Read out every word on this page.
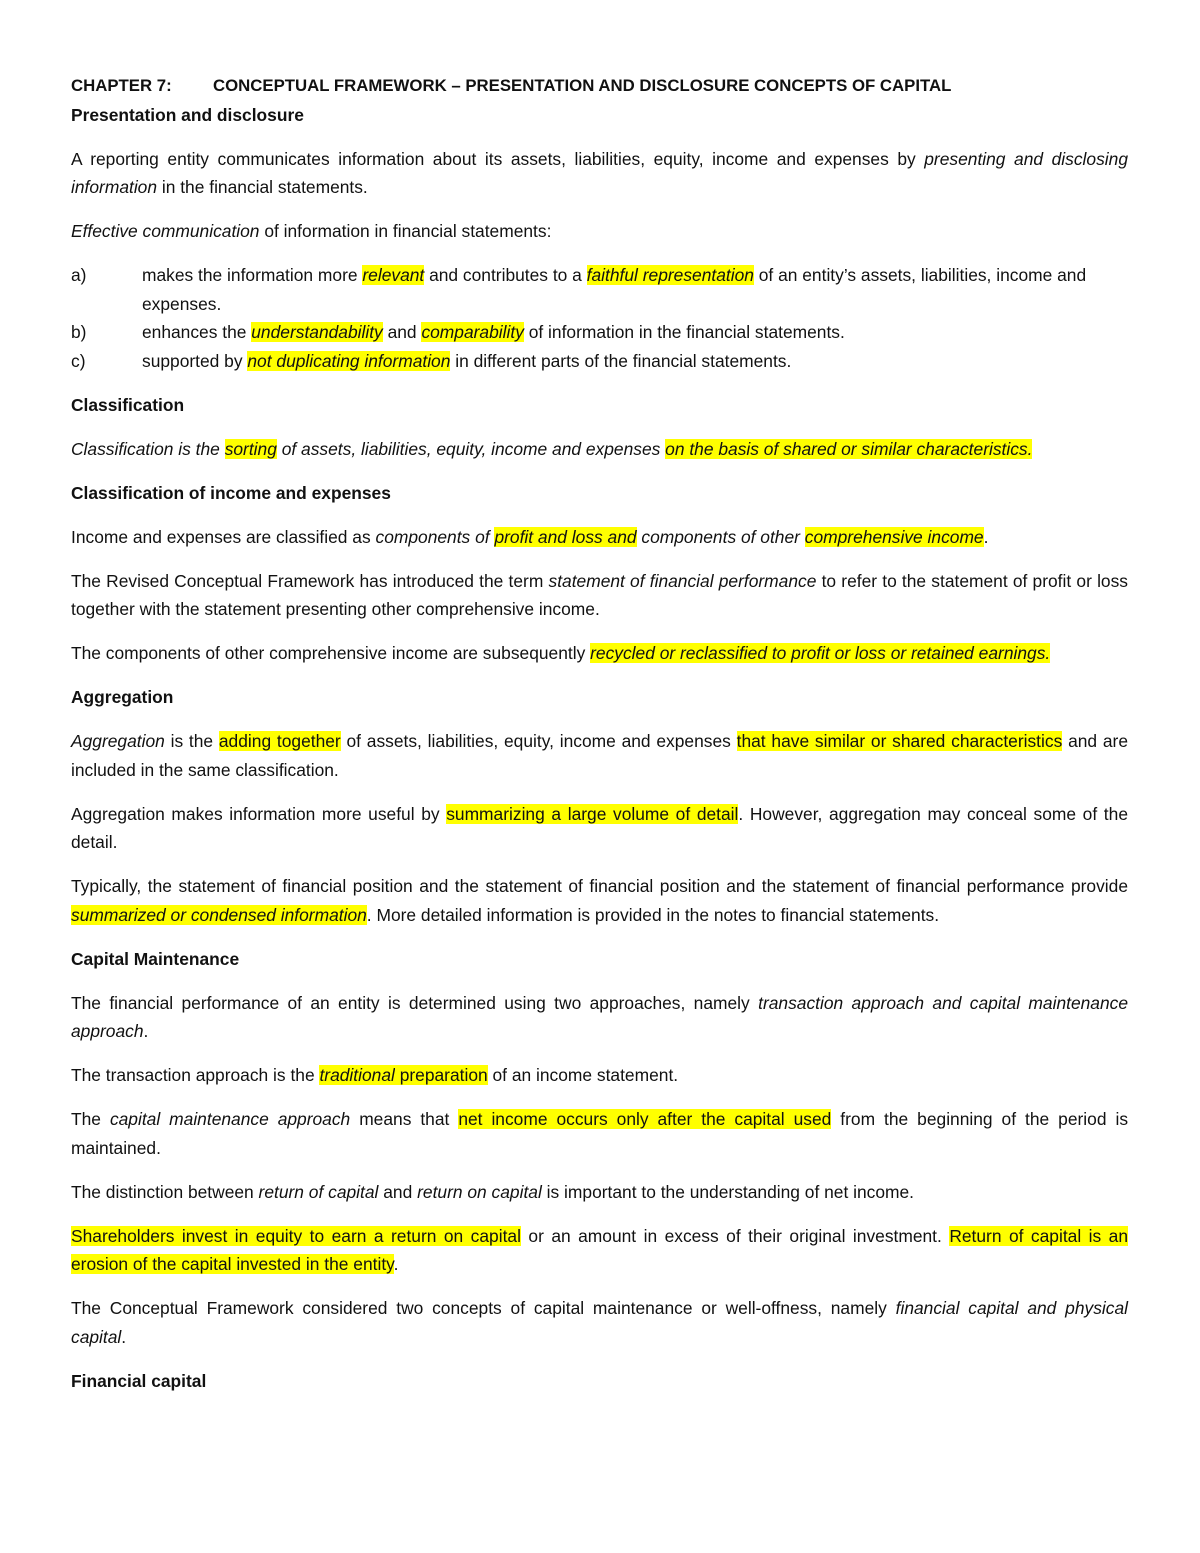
CHAPTER 7: CONCEPTUAL FRAMEWORK – PRESENTATION AND DISCLOSURE CONCEPTS OF CAPITAL

Presentation and disclosure

A reporting entity communicates information about its assets, liabilities, equity, income and expenses by presenting and disclosing information in the financial statements.

Effective communication of information in financial statements:

a)	makes the information more relevant and contributes to a faithful representation of an entity’s assets, liabilities, income and expenses.
b)	enhances the understandability and comparability of information in the financial statements.
c)	supported by not duplicating information in different parts of the financial statements.

Classification

Classification is the sorting of assets, liabilities, equity, income and expenses on the basis of shared or similar characteristics.

Classification of income and expenses

Income and expenses are classified as components of profit and loss and components of other comprehensive income.

The Revised Conceptual Framework has introduced the term statement of financial performance to refer to the statement of profit or loss together with the statement presenting other comprehensive income.

The components of other comprehensive income are subsequently recycled or reclassified to profit or loss or retained earnings.

Aggregation

Aggregation is the adding together of assets, liabilities, equity, income and expenses that have similar or shared characteristics and are included in the same classification.

Aggregation makes information more useful by summarizing a large volume of detail. However, aggregation may conceal some of the detail.

Typically, the statement of financial position and the statement of financial position and the statement of financial performance provide summarized or condensed information. More detailed information is provided in the notes to financial statements.

Capital Maintenance

The financial performance of an entity is determined using two approaches, namely transaction approach and capital maintenance approach.

The transaction approach is the traditional preparation of an income statement.

The capital maintenance approach means that net income occurs only after the capital used from the beginning of the period is maintained.

The distinction between return of capital and return on capital is important to the understanding of net income.

Shareholders invest in equity to earn a return on capital or an amount in excess of their original investment. Return of capital is an erosion of the capital invested in the entity.

The Conceptual Framework considered two concepts of capital maintenance or well-offness, namely financial capital and physical capital.

Financial capital
